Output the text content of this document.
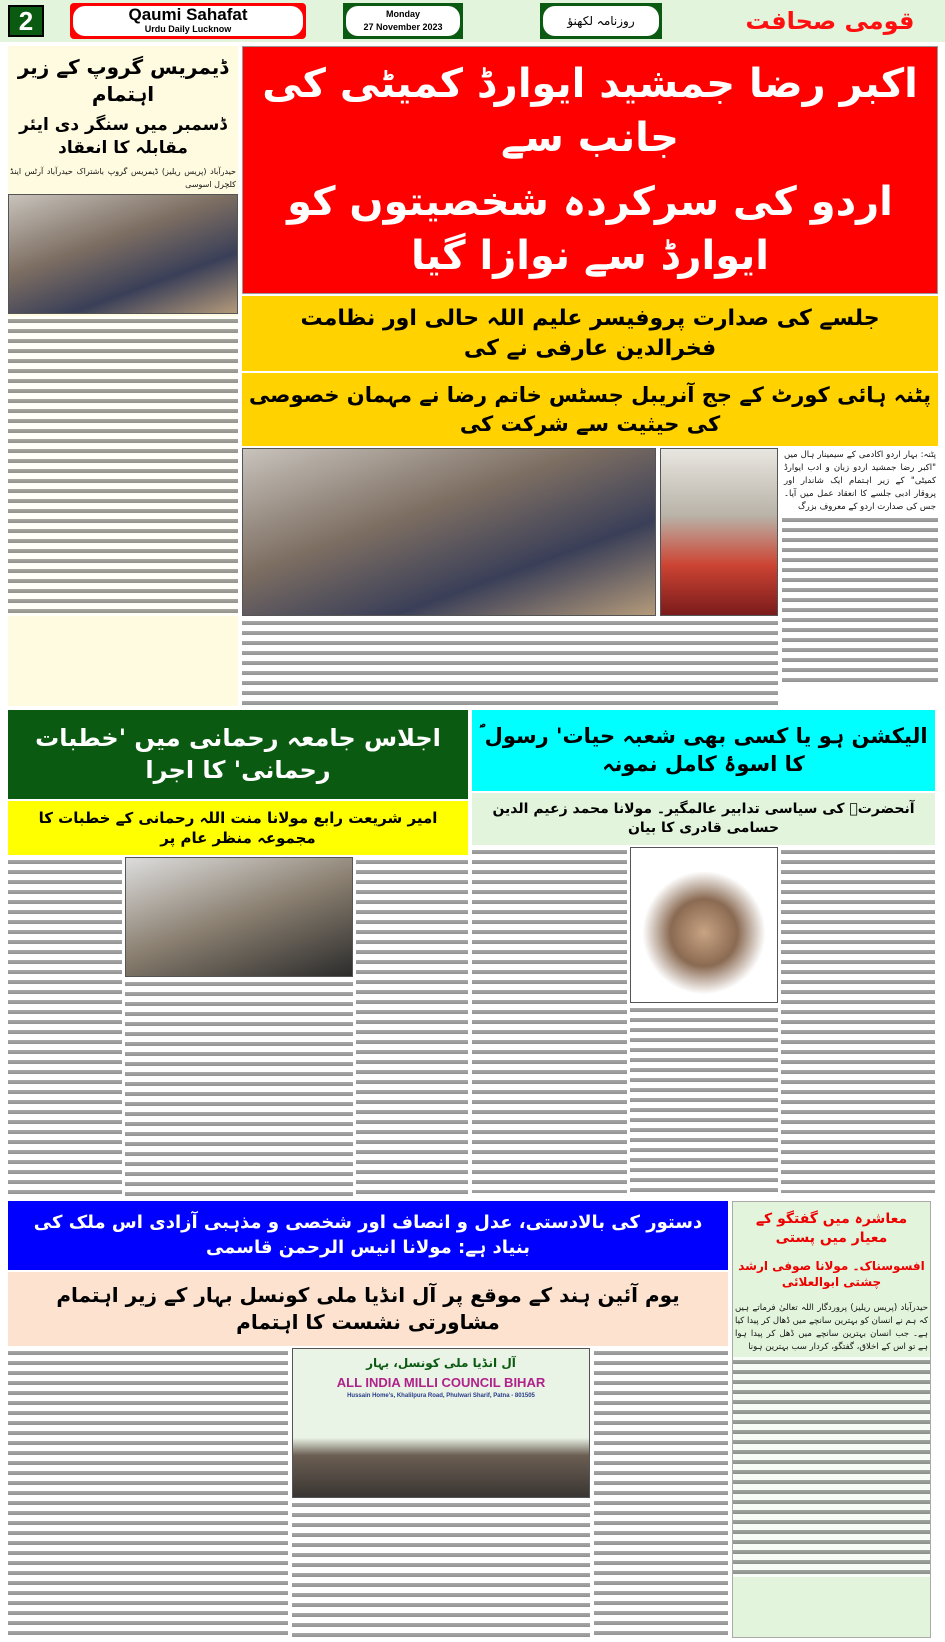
2	Qaumi Sahafat
Urdu Daily Lucknow
Monday
27 November 2023	روزنامہ لکھنؤ	قومی صحافت
ڈیمریس گروپ کے زیر اہتمام
ڈسمبر میں سنگر دی ایئر مقابلہ کا انعقاد
حیدرآباد (پریس ریلیز) ڈیمریس گروپ باشتراک حیدرآباد آرٹس اینڈ کلچرل اسوسی
اکبر رضا جمشید ایوارڈ کمیٹی کی جانب سے
اردو کی سرکردہ شخصیتوں کو ایوارڈ سے نوازا گیا
جلسے کی صدارت پروفیسر علیم اللہ حالی اور نظامت فخرالدین عارفی نے کی
پٹنہ ہائی کورٹ کے جج آنریبل جسٹس خاتم رضا نے مہمان خصوصی کی حیثیت سے شرکت کی
پٹنہ: بہار اردو اکادمی کے سیمینار ہال میں "اکبر رضا جمشید اردو زبان و ادب ایوارڈ کمیٹی" کے زیر اہتمام ایک شاندار اور پروقار ادبی جلسے کا انعقاد عمل میں آیا۔ جس کی صدارت اردو کے معروف بزرگ
اجلاس جامعہ رحمانی میں 'خطبات رحمانی' کا اجرا
امیر شریعت رابع مولانا منت اللہ رحمانی کے خطبات کا مجموعہ منظر عام پر
الیکشن ہو یا کسی بھی شعبہ حیات' رسول ؐ کا اسوۂ کامل نمونہ
آنحضرتؐ کی سیاسی تدابیر عالمگیر۔ مولانا محمد زعیم الدین حسامی قادری کا بیان
دستور کی بالادستی، عدل و انصاف اور شخصی و مذہبی آزادی اس ملک کی بنیاد ہے: مولانا انیس الرحمن قاسمی
یوم آئین ہند کے موقع پر آل انڈیا ملی کونسل بہار کے زیر اہتمام مشاورتی نشست کا اہتمام
آل انڈیا ملی کونسل، بہار
ALL INDIA MILLI COUNCIL BIHAR
Hussain Home's, Khalilpura Road, Phulwari Sharif, Patna - 801505
معاشرہ میں گفتگو کے معیار میں پستی
افسوسناک۔ مولانا صوفی ارشد چشتی ابوالعلائی
حیدرآباد (پریس ریلیز) پروردگار اللہ تعالیٰ فرماتے ہیں کہ ہم نے انسان کو بہترین سانچے میں ڈھال کر پیدا کیا ہے۔ جب انسان بہترین سانچے میں ڈھل کر پیدا ہوا ہے تو اس کے اخلاق، گفتگو، کردار سب بہترین ہونا
